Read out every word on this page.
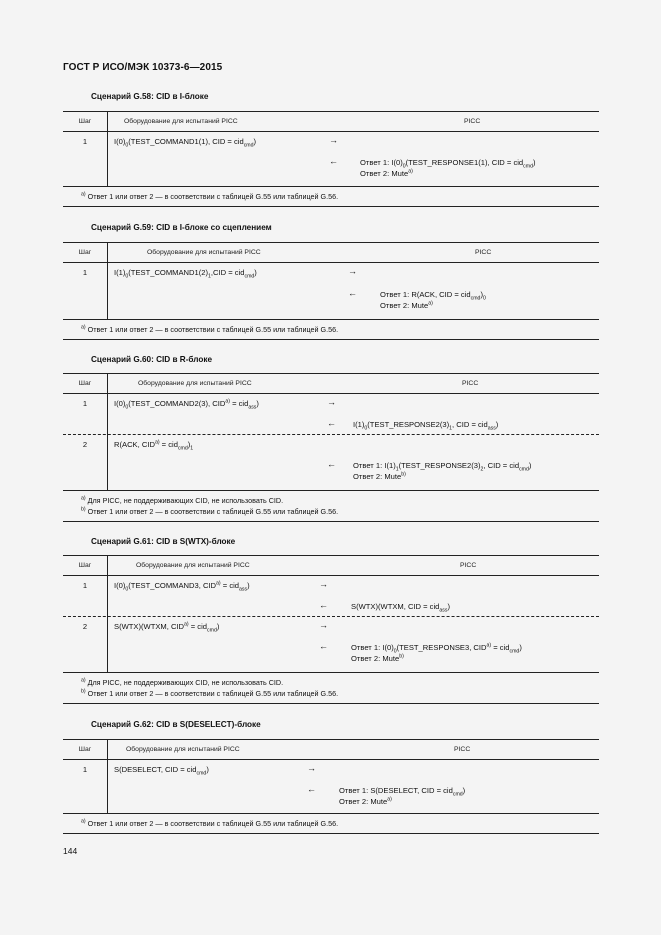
ГОСТ Р ИСО/МЭК 10373-6—2015
Сценарий G.58: CID в I-блоке
Шаг	Оборудование для испытаний PICC	PICC
1	$I(0)_0(TEST\_COMMAND1(1)$, CID = cid$_{cmd}$)	→
←	Ответ 1: $I(0)_0(TEST\_RESPONSE1(1)$, CID = cid$_{cmd}$)
Ответ 2: Mute$^{a)}$
$^{a)}$ Ответ 1 или ответ 2 — в соответствии с таблицей G.55 или таблицей G.56.
Сценарий G.59: CID в I-блоке со сцеплением
Шаг	Оборудование для испытаний PICC	PICC
1	$I(1)_0(TEST\_COMMAND1(2)_1,CID = cid_{cmd})$	→
←	Ответ 1: R(ACK, CID = $cid_{cmd})_0$
Ответ 2: Mute$^{a)}$
$^{a)}$ Ответ 1 или ответ 2 — в соответствии с таблицей G.55 или таблицей G.56.
Сценарий G.60: CID в R-блоке
Шаг	Оборудование для испытаний PICC	PICC
1	$I(0)_0(TEST\_COMMAND2(3)$, $CID^{a)} = cid_{ass}$)	→
← $I(1)_0(TEST\_RESPONSE2(3)_1$, CID = cid$_{ass}$)
2	R(ACK, $CID^{a)} = cid_{cmd})_1$
← Ответ 1: $I(1)_1(TEST\_RESPONSE2(3)_2$, CID = cid$_{cmd}$)
Ответ 2: Mute$^{b)}$
$^{a)}$ Для PICC, не поддерживающих CID, не использовать CID.
$^{b)}$ Ответ 1 или ответ 2 — в соответствии с таблицей G.55 или таблицей G.56.
Сценарий G.61: CID в S(WTX)-блоке
Шаг	Оборудование для испытаний PICC	PICC
1	$I(0)_0(TEST\_COMMAND3$, $CID^{a)} = cid_{ass}$)	→
←	S(WTX)(WTXM, CID = cid$_{ass}$)
2	S(WTX)(WTXM, $CID^{a)} = cid_{cmd}$)	→
←	Ответ 1: $I(0)_0(TEST\_RESPONSE3$, $CID^{a)} = cid_{cmd}$)
Ответ 2: Mute$^{b)}$
$^{a)}$ Для PICC, не поддерживающих CID, не использовать CID.
$^{b)}$ Ответ 1 или ответ 2 — в соответствии с таблицей G.55 или таблицей G.56.
Сценарий G.62: CID в S(DESELECT)-блоке
Шаг	Оборудование для испытаний PICC	PICC
1	S(DESELECT, CID = cid$_{cmd}$)	→
←	Ответ 1: S(DESELECT, CID = cid$_{cmd}$)
Ответ 2: Mute$^{a)}$
$^{a)}$ Ответ 1 или ответ 2 — в соответствии с таблицей G.55 или таблицей G.56.
144
